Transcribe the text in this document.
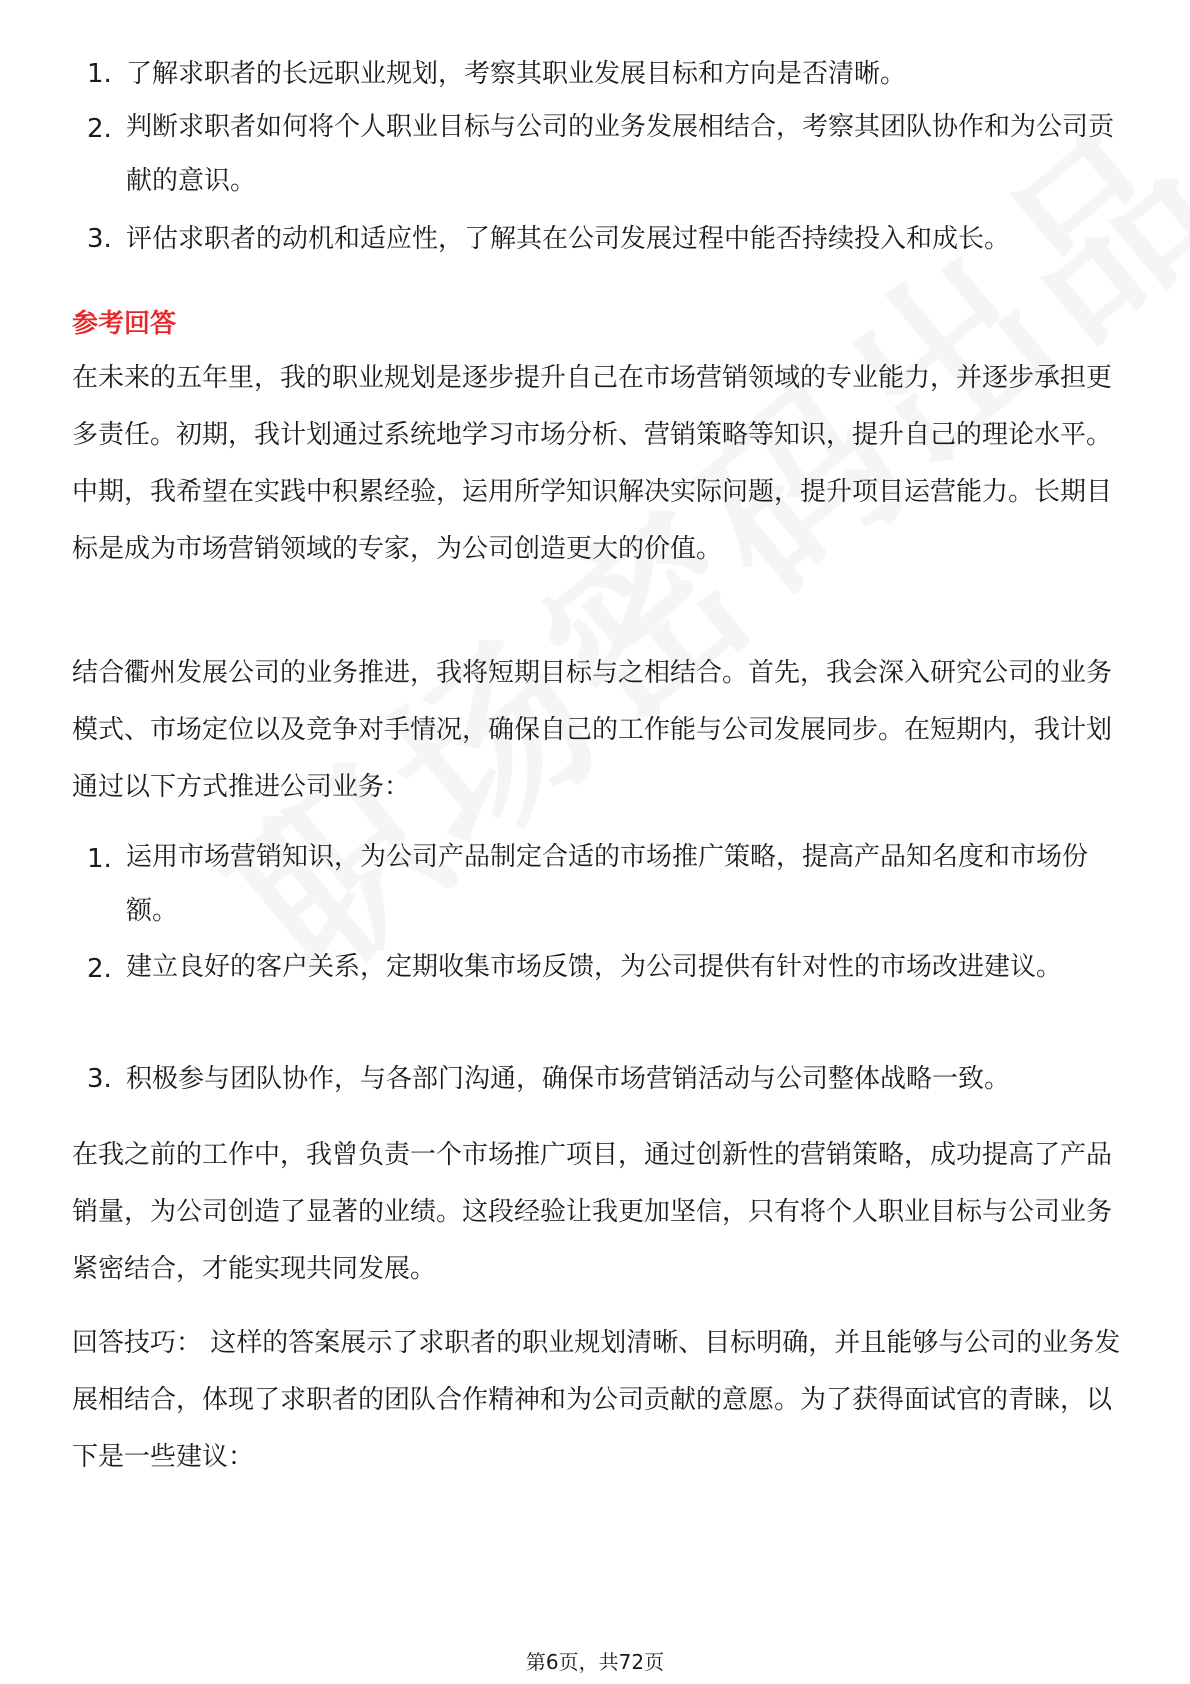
1. 了解求职者的长远职业规划，考察其职业发展目标和方向是否清晰。
2. 判断求职者如何将个人职业目标与公司的业务发展相结合，考察其团队协作和为公司贡献的意识。
3. 评估求职者的动机和适应性，了解其在公司发展过程中能否持续投入和成长。
参考回答

在未来的五年里，我的职业规划是逐步提升自己在市场营销领域的专业能力，并逐步承担更多责任。初期，我计划通过系统地学习市场分析、营销策略等知识，提升自己的理论水平。中期，我希望在实践中积累经验，运用所学知识解决实际问题，提升项目运营能力。长期目标是成为市场营销领域的专家，为公司创造更大的价值。

结合衢州发展公司的业务推进，我将短期目标与之相结合。首先，我会深入研究公司的业务模式、市场定位以及竞争对手情况，确保自己的工作能与公司发展同步。在短期内，我计划通过以下方式推进公司业务：

1. 运用市场营销知识，为公司产品制定合适的市场推广策略，提高产品知名度和市场份额。
2. 建立良好的客户关系，定期收集市场反馈，为公司提供有针对性的市场改进建议。
3. 积极参与团队协作，与各部门沟通，确保市场营销活动与公司整体战略一致。

在我之前的工作中，我曾负责一个市场推广项目，通过创新性的营销策略，成功提高了产品销量，为公司创造了显著的业绩。这段经验让我更加坚信，只有将个人职业目标与公司业务紧密结合，才能实现共同发展。

回答技巧： 这样的答案展示了求职者的职业规划清晰、目标明确，并且能够与公司的业务发展相结合，体现了求职者的团队合作精神和为公司贡献的意愿。为了获得面试官的青睐，以下是一些建议：

第6页，共72页
